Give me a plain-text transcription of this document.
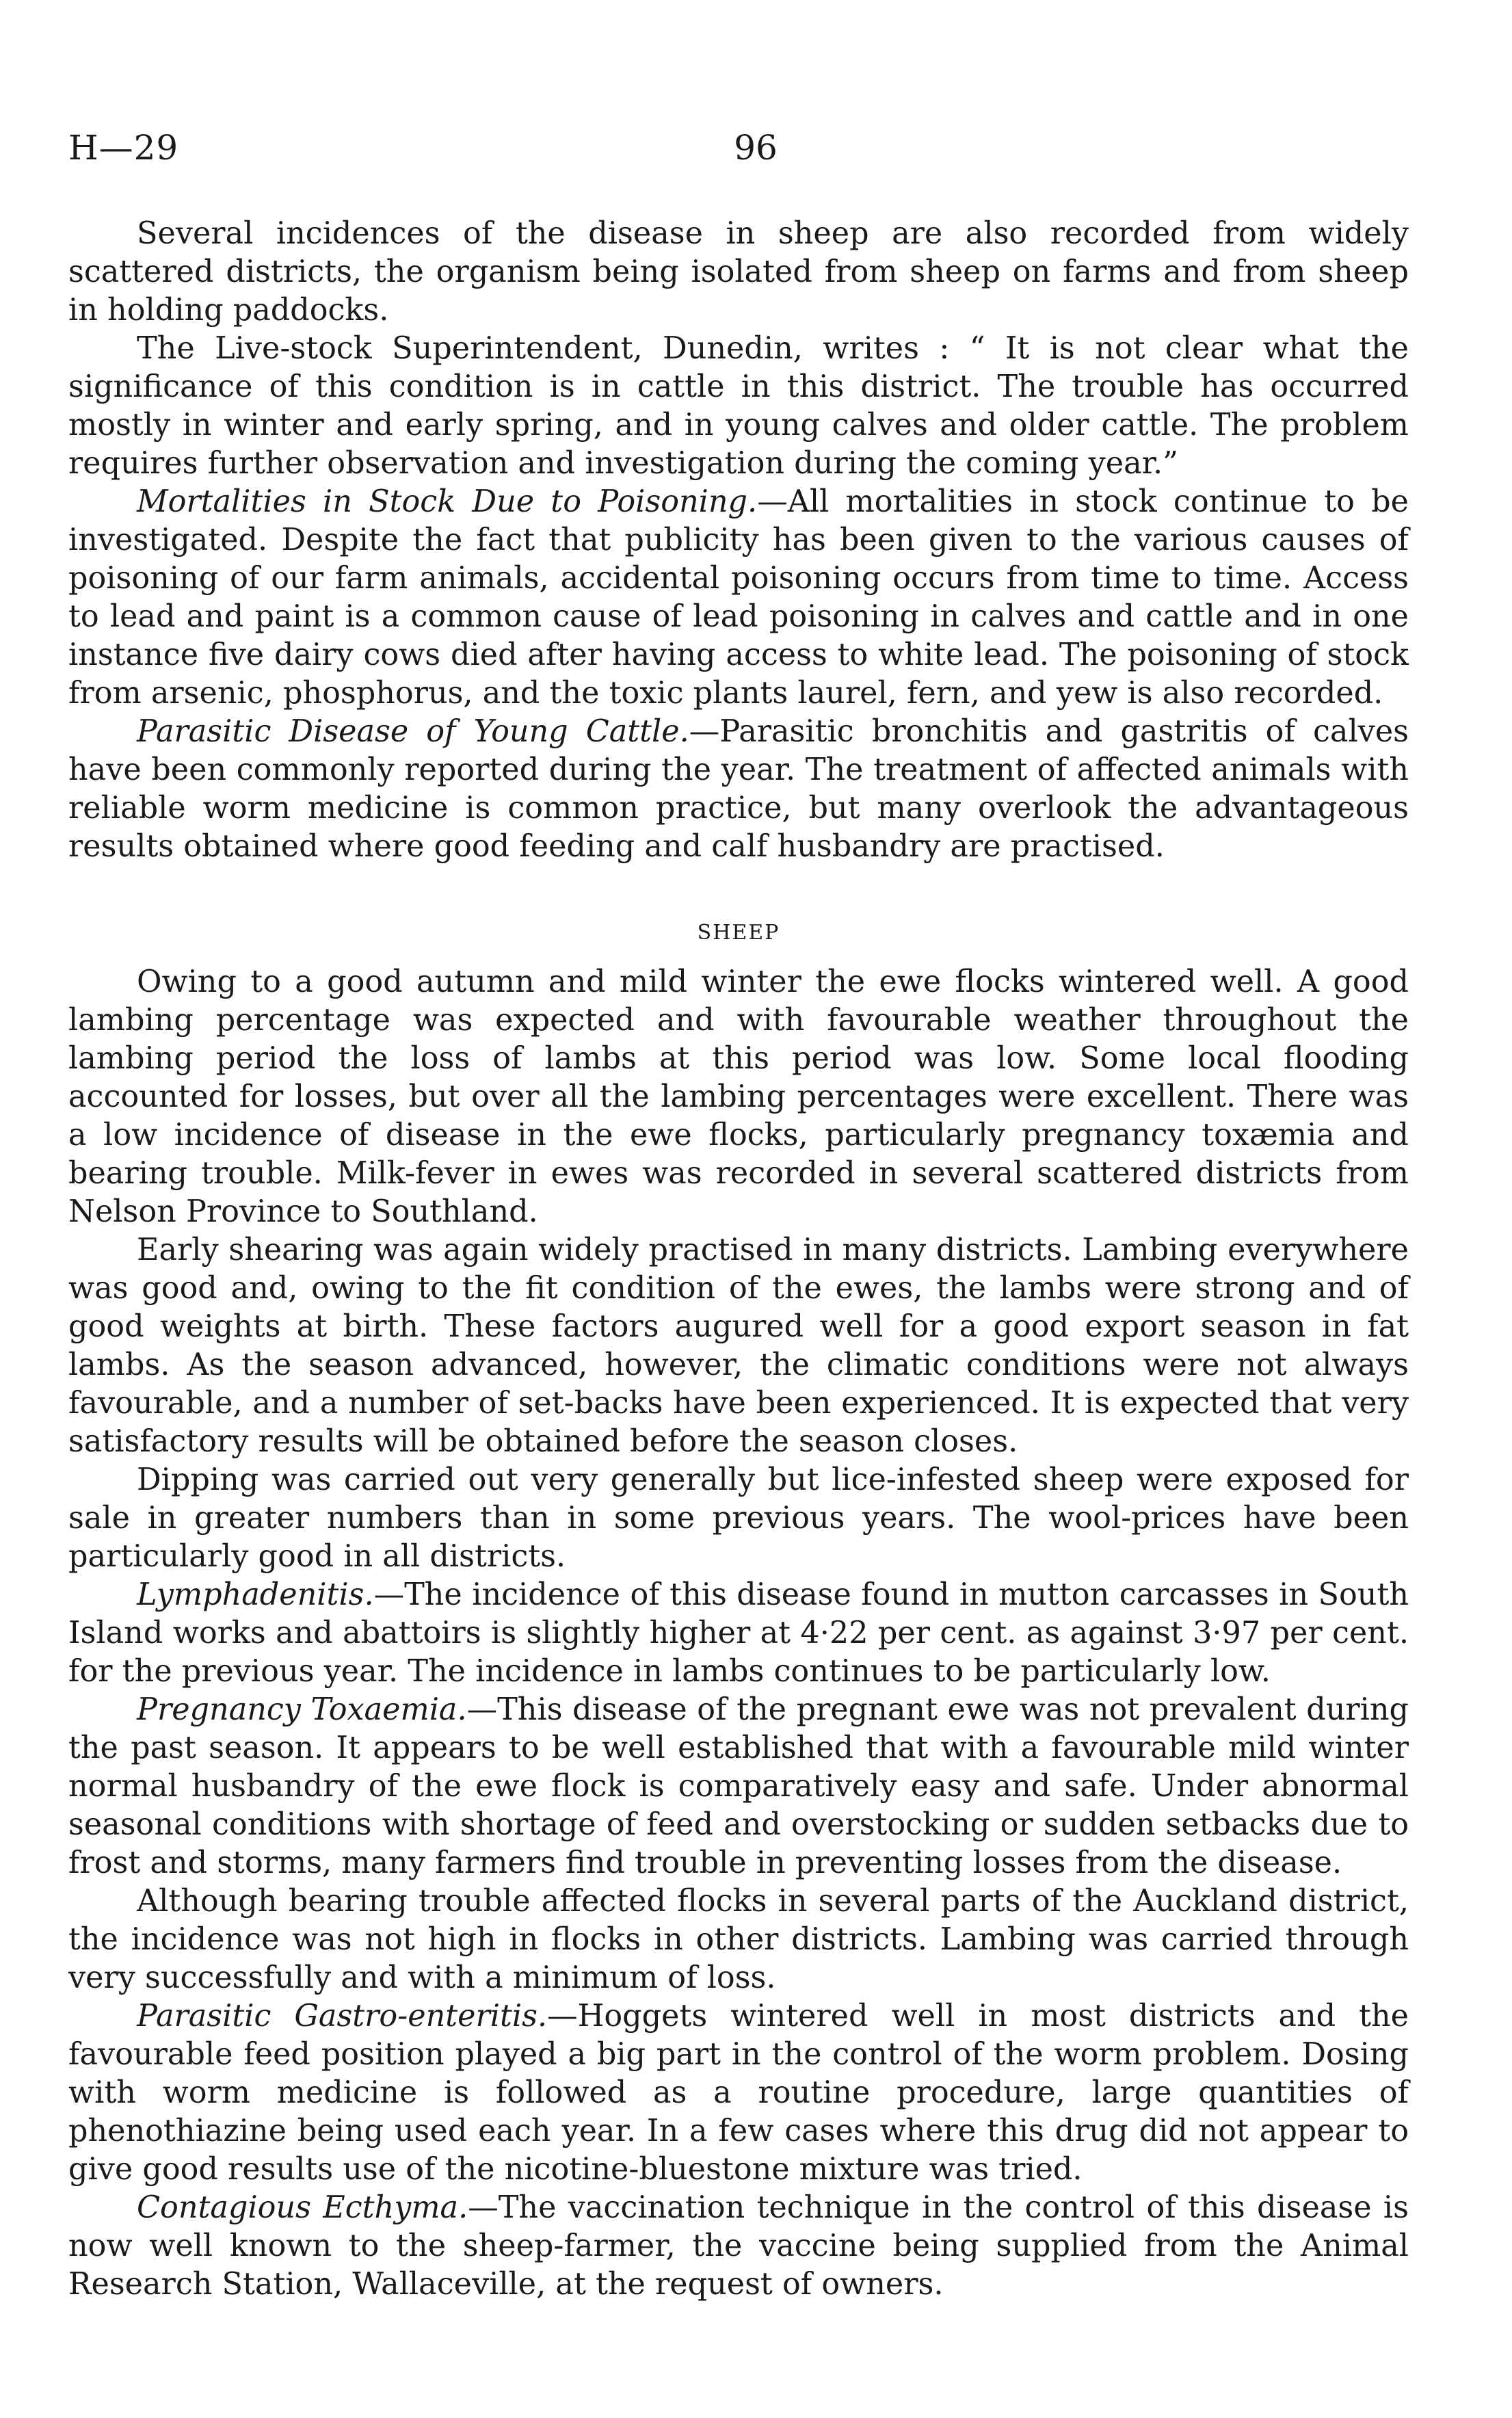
H—29	96

Several incidences of the disease in sheep are also recorded from widely scattered districts, the organism being isolated from sheep on farms and from sheep in holding paddocks.

The Live-stock Superintendent, Dunedin, writes : “ It is not clear what the significance of this condition is in cattle in this district. The trouble has occurred mostly in winter and early spring, and in young calves and older cattle. The problem requires further observation and investigation during the coming year.”

Mortalities in Stock Due to Poisoning.—All mortalities in stock continue to be investigated. Despite the fact that publicity has been given to the various causes of poisoning of our farm animals, accidental poisoning occurs from time to time. Access to lead and paint is a common cause of lead poisoning in calves and cattle and in one instance five dairy cows died after having access to white lead. The poisoning of stock from arsenic, phosphorus, and the toxic plants laurel, fern, and yew is also recorded.

Parasitic Disease of Young Cattle.—Parasitic bronchitis and gastritis of calves have been commonly reported during the year. The treatment of affected animals with reliable worm medicine is common practice, but many overlook the advantageous results obtained where good feeding and calf husbandry are practised.

SHEEP

Owing to a good autumn and mild winter the ewe flocks wintered well. A good lambing percentage was expected and with favourable weather throughout the lambing period the loss of lambs at this period was low. Some local flooding accounted for losses, but over all the lambing percentages were excellent. There was a low incidence of disease in the ewe flocks, particularly pregnancy toxæmia and bearing trouble. Milk-fever in ewes was recorded in several scattered districts from Nelson Province to Southland.

Early shearing was again widely practised in many districts. Lambing everywhere was good and, owing to the fit condition of the ewes, the lambs were strong and of good weights at birth. These factors augured well for a good export season in fat lambs. As the season advanced, however, the climatic conditions were not always favourable, and a number of set-backs have been experienced. It is expected that very satisfactory results will be obtained before the season closes.

Dipping was carried out very generally but lice-infested sheep were exposed for sale in greater numbers than in some previous years. The wool-prices have been particularly good in all districts.

Lymphadenitis.—The incidence of this disease found in mutton carcasses in South Island works and abattoirs is slightly higher at 4·22 per cent. as against 3·97 per cent. for the previous year. The incidence in lambs continues to be particularly low.

Pregnancy Toxaemia.—This disease of the pregnant ewe was not prevalent during the past season. It appears to be well established that with a favourable mild winter normal husbandry of the ewe flock is comparatively easy and safe. Under abnormal seasonal conditions with shortage of feed and overstocking or sudden setbacks due to frost and storms, many farmers find trouble in preventing losses from the disease.

Although bearing trouble affected flocks in several parts of the Auckland district, the incidence was not high in flocks in other districts. Lambing was carried through very successfully and with a minimum of loss.

Parasitic Gastro-enteritis.—Hoggets wintered well in most districts and the favourable feed position played a big part in the control of the worm problem. Dosing with worm medicine is followed as a routine procedure, large quantities of phenothiazine being used each year. In a few cases where this drug did not appear to give good results use of the nicotine-bluestone mixture was tried.

Contagious Ecthyma.—The vaccination technique in the control of this disease is now well known to the sheep-farmer, the vaccine being supplied from the Animal Research Station, Wallaceville, at the request of owners.
